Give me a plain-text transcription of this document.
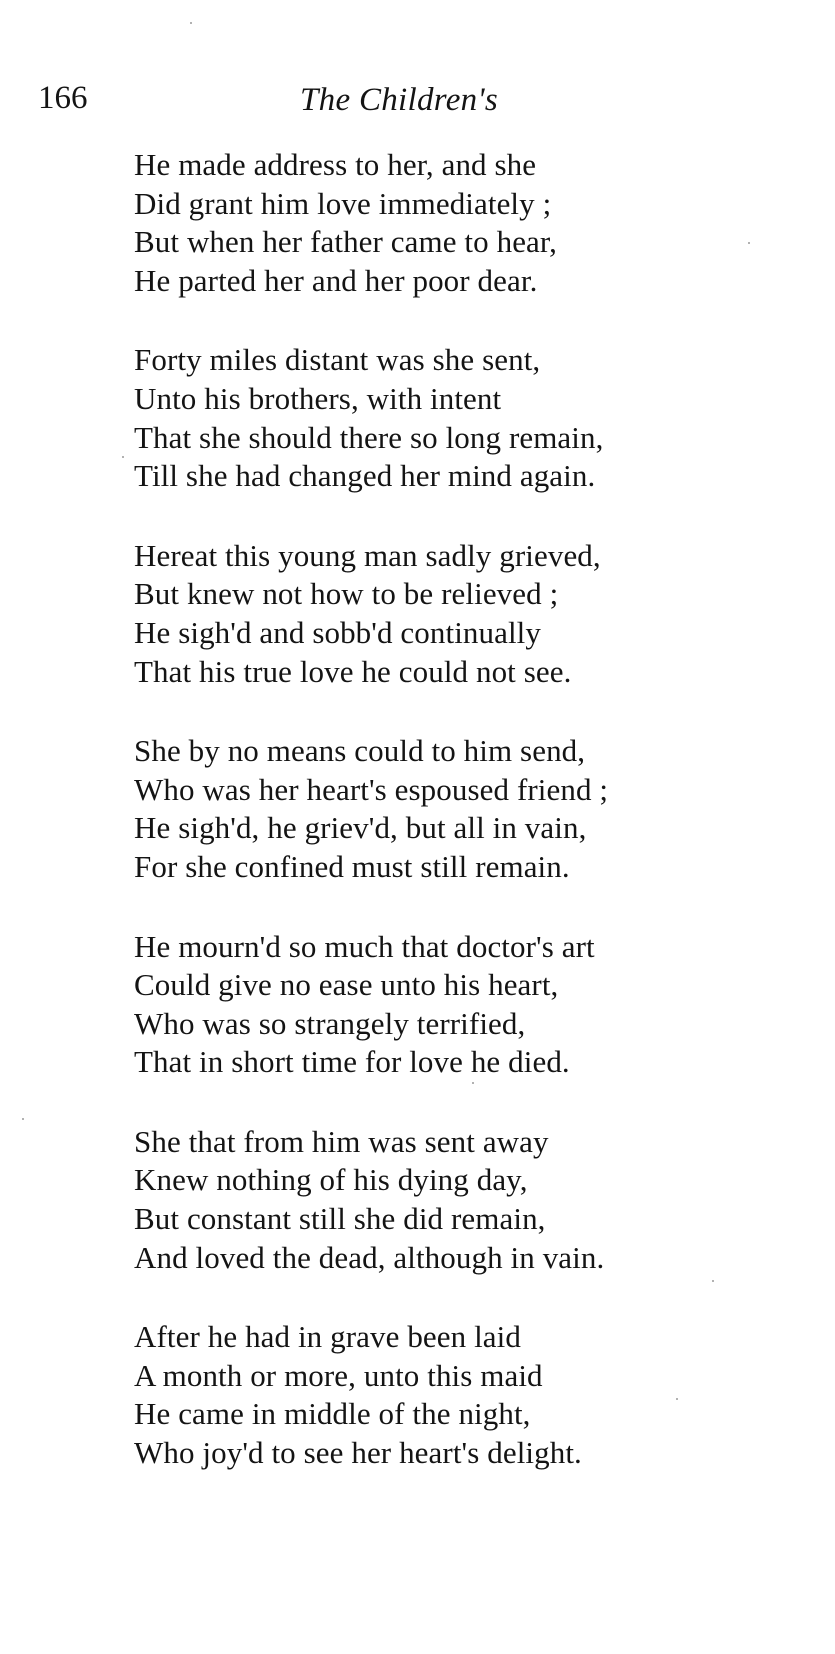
166	The Children's
He made address to her, and she
Did grant him love immediately ;
But when her father came to hear,
He parted her and her poor dear.
Forty miles distant was she sent,
Unto his brothers, with intent
That she should there so long remain,
Till she had changed her mind again.
Hereat this young man sadly grieved,
But knew not how to be relieved ;
He sigh'd and sobb'd continually
That his true love he could not see.
She by no means could to him send,
Who was her heart's espoused friend ;
He sigh'd, he griev'd, but all in vain,
For she confined must still remain.
He mourn'd so much that doctor's art
Could give no ease unto his heart,
Who was so strangely terrified,
That in short time for love he died.
She that from him was sent away
Knew nothing of his dying day,
But constant still she did remain,
And loved the dead, although in vain.
After he had in grave been laid
A month or more, unto this maid
He came in middle of the night,
Who joy'd to see her heart's delight.
